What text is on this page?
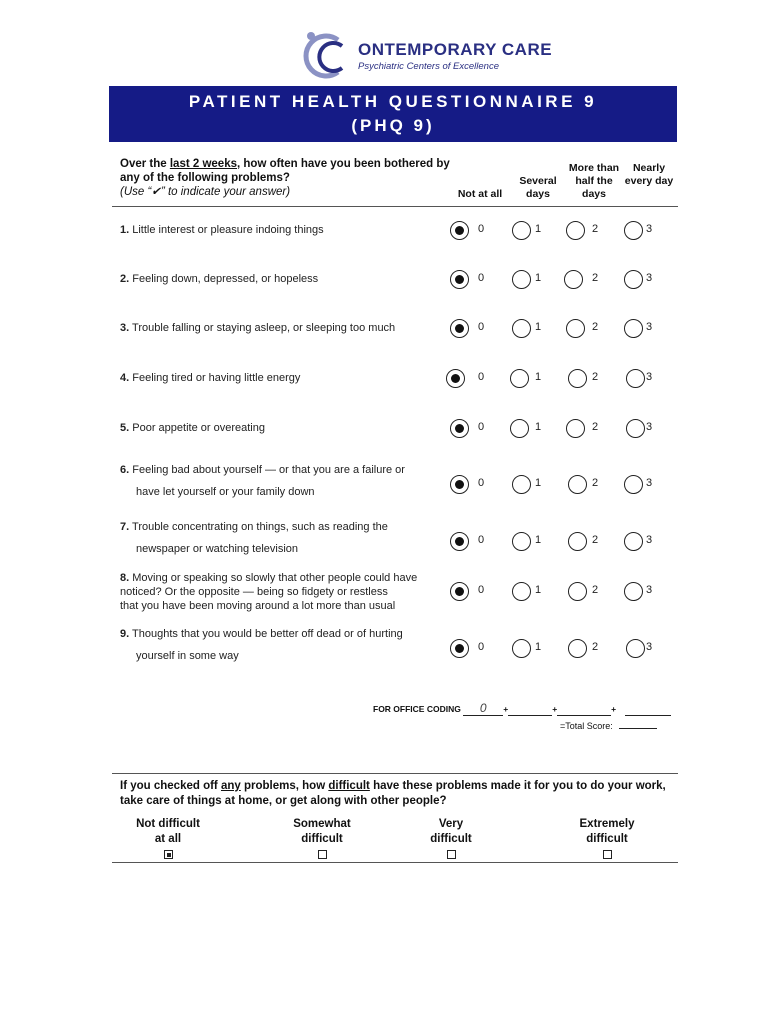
ONTEMPORARY CARE
Psychiatric Centers of Excellence
PATIENT HEALTH QUESTIONNAIRE 9
(PHQ 9)
Over the last 2 weeks, how often have you been bothered by any of the following problems?
(Use “✔” to indicate your answer)	Not at all
Several days
More than half the days
Nearly every day
1. Little interest or pleasure indoing things	0	1	2	3
2. Feeling down, depressed, or hopeless	0	1	2	3
3. Trouble falling or staying asleep, or sleeping too much	0	1	2	3
4. Feeling tired or having little energy	0	1	2	3
5. Poor appetite or overeating	0	1	2	3
6. Feeling bad about yourself — or that you are a failure or
have let yourself or your family down
0	1	2	3
7. Trouble concentrating on things, such as reading the
newspaper or watching television
0	1	2	3
8. Moving or speaking so slowly that other people could have
noticed? Or the opposite — being so fidgety or restless
that you have been moving around a lot more than usual
0	1	2	3
9. Thoughts that you would be better off dead or of hurting
yourself in some way
0	1	2	3
FOR OFFICE CODING 0 +	+	+
=Total Score:
If you checked off any problems, how difficult have these problems made it for you to do your work, take care of things at home, or get along with other people?
Not difficult
at all
Somewhat
difficult
Very
difficult
Extremely
difficult
